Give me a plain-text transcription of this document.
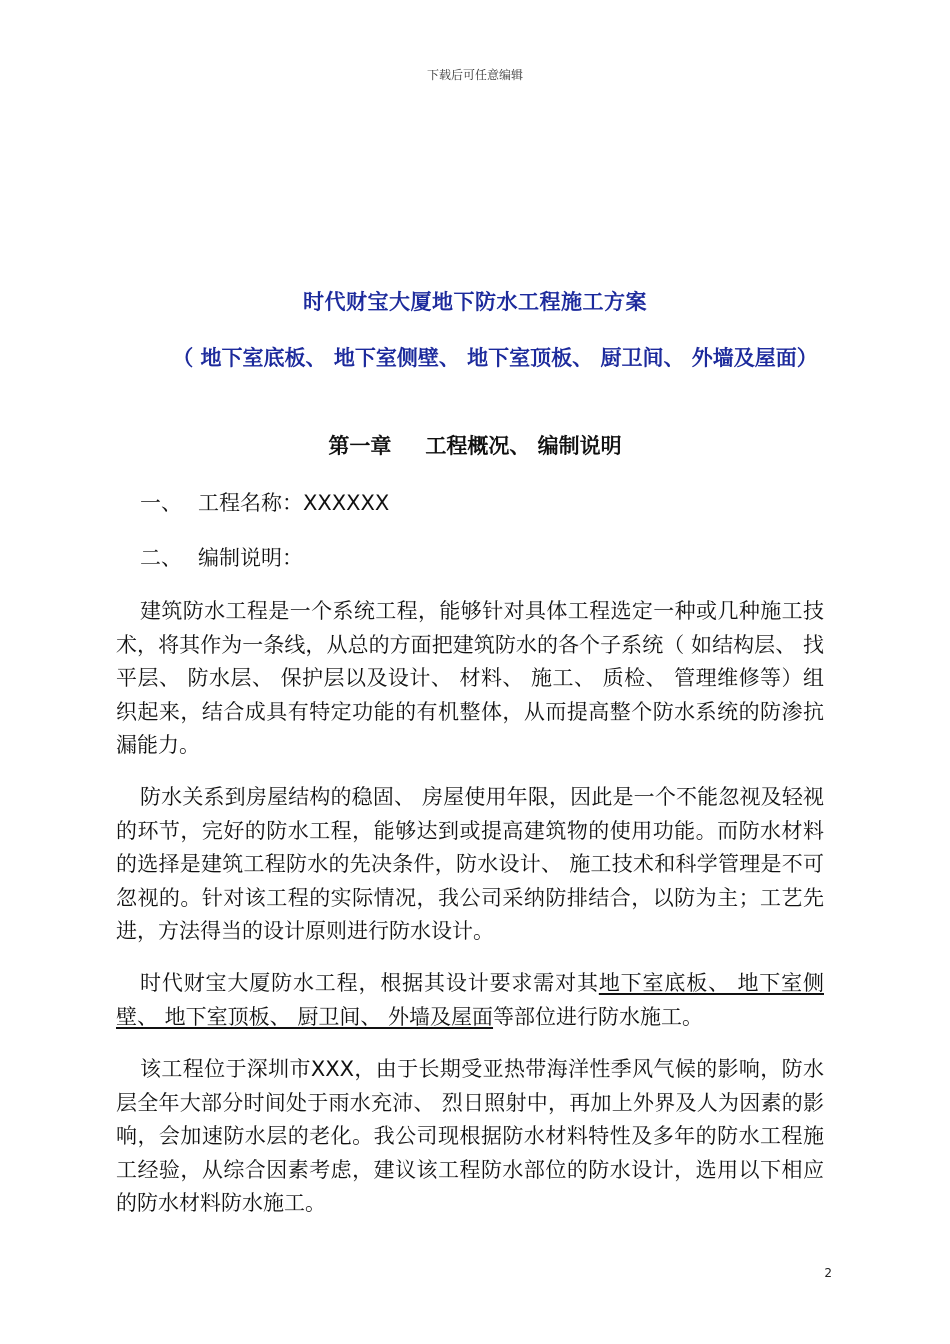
下载后可任意编辑
时代财宝大厦地下防水工程施工方案
（ 地下室底板、 地下室侧壁、 地下室顶板、 厨卫间、 外墙及屋面）
第一章 工程概况、 编制说明
一、 工程名称：XXXXXX
二、 编制说明：
建筑防水工程是一个系统工程，能够针对具体工程选定一种或几种施工技术，将其作为一条线，从总的方面把建筑防水的各个子系统（ 如结构层、 找平层、 防水层、 保护层以及设计、 材料、 施工、 质检、 管理维修等）组织起来，结合成具有特定功能的有机整体，从而提高整个防水系统的防渗抗漏能力。
防水关系到房屋结构的稳固、 房屋使用年限，因此是一个不能忽视及轻视的环节，完好的防水工程，能够达到或提高建筑物的使用功能。而防水材料的选择是建筑工程防水的先决条件，防水设计、 施工技术和科学管理是不可忽视的。针对该工程的实际情况，我公司采纳防排结合，以防为主；工艺先进，方法得当的设计原则进行防水设计。
时代财宝大厦防水工程，根据其设计要求需对其地下室底板、 地下室侧壁、 地下室顶板、 厨卫间、 外墙及屋面等部位进行防水施工。
该工程位于深圳市XXX，由于长期受亚热带海洋性季风气候的影响，防水层全年大部分时间处于雨水充沛、 烈日照射中，再加上外界及人为因素的影响，会加速防水层的老化。我公司现根据防水材料特性及多年的防水工程施工经验，从综合因素考虑，建议该工程防水部位的防水设计，选用以下相应的防水材料防水施工。
2
